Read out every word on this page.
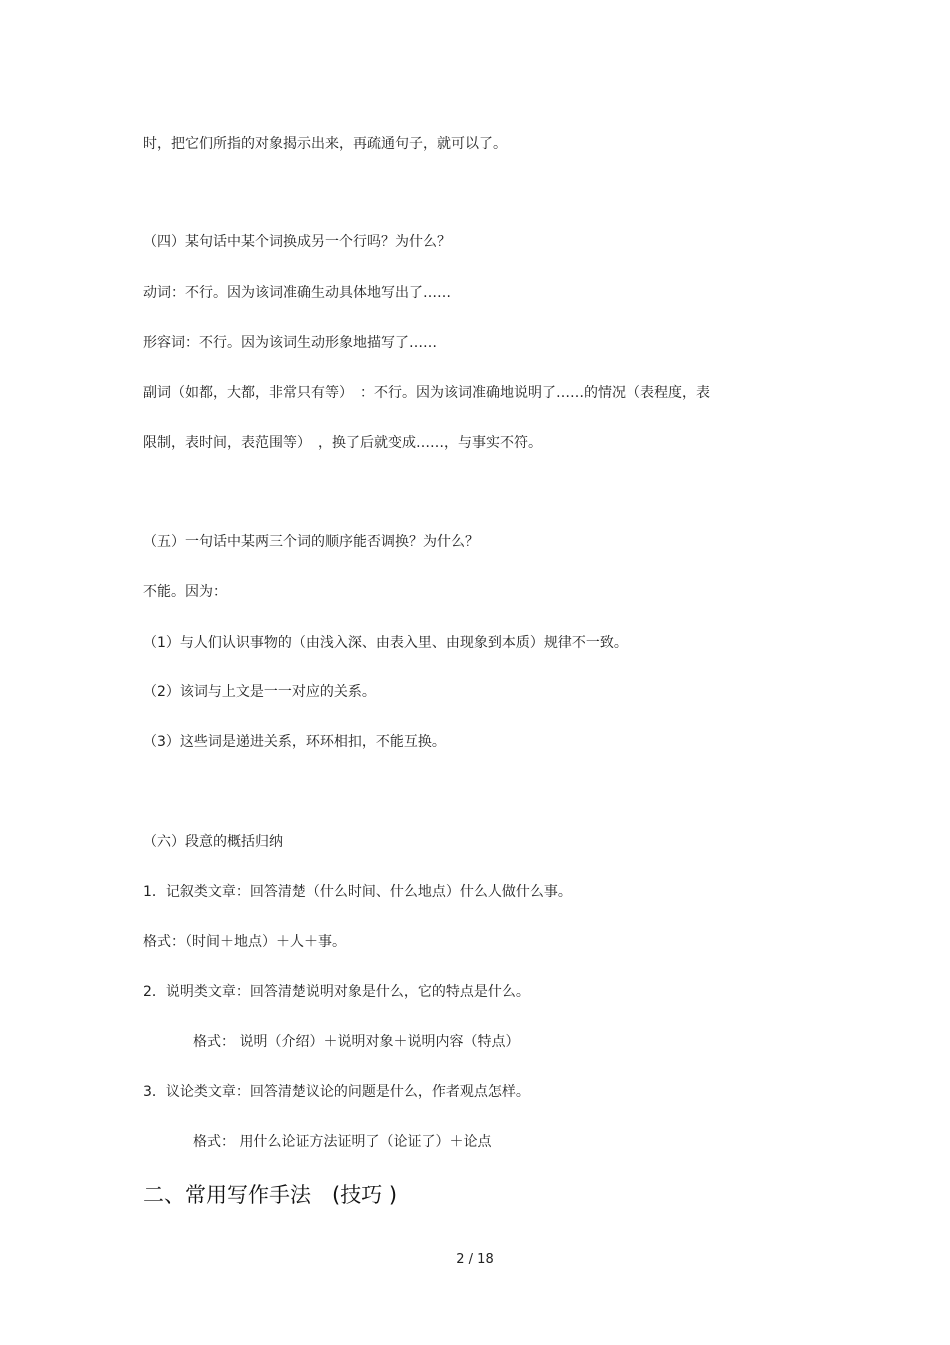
时，把它们所指的对象揭示出来，再疏通句子，就可以了。
（四）某句话中某个词换成另一个行吗？为什么？
动词：不行。因为该词准确生动具体地写出了……
形容词：不行。因为该词生动形象地描写了……
副词（如都，大都，非常只有等）　：不行。因为该词准确地说明了……的情况（表程度，表
限制，表时间，表范围等）　，换了后就变成……，与事实不符。
（五）一句话中某两三个词的顺序能否调换？为什么？
不能。因为：
（1）与人们认识事物的（由浅入深、由表入里、由现象到本质）规律不一致。
（2）该词与上文是一一对应的关系。
（3）这些词是递进关系，环环相扣，不能互换。
（六）段意的概括归纳
1．记叙类文章：回答清楚（什么时间、什么地点）什么人做什么事。
格式：（时间＋地点）＋人＋事。
2．说明类文章：回答清楚说明对象是什么，它的特点是什么。
格式： 说明（介绍）＋说明对象＋说明内容（特点）
3．议论类文章：回答清楚议论的问题是什么，作者观点怎样。
格式： 用什么论证方法证明了（论证了）＋论点
二、常用写作手法　(技巧 )
2 / 18
